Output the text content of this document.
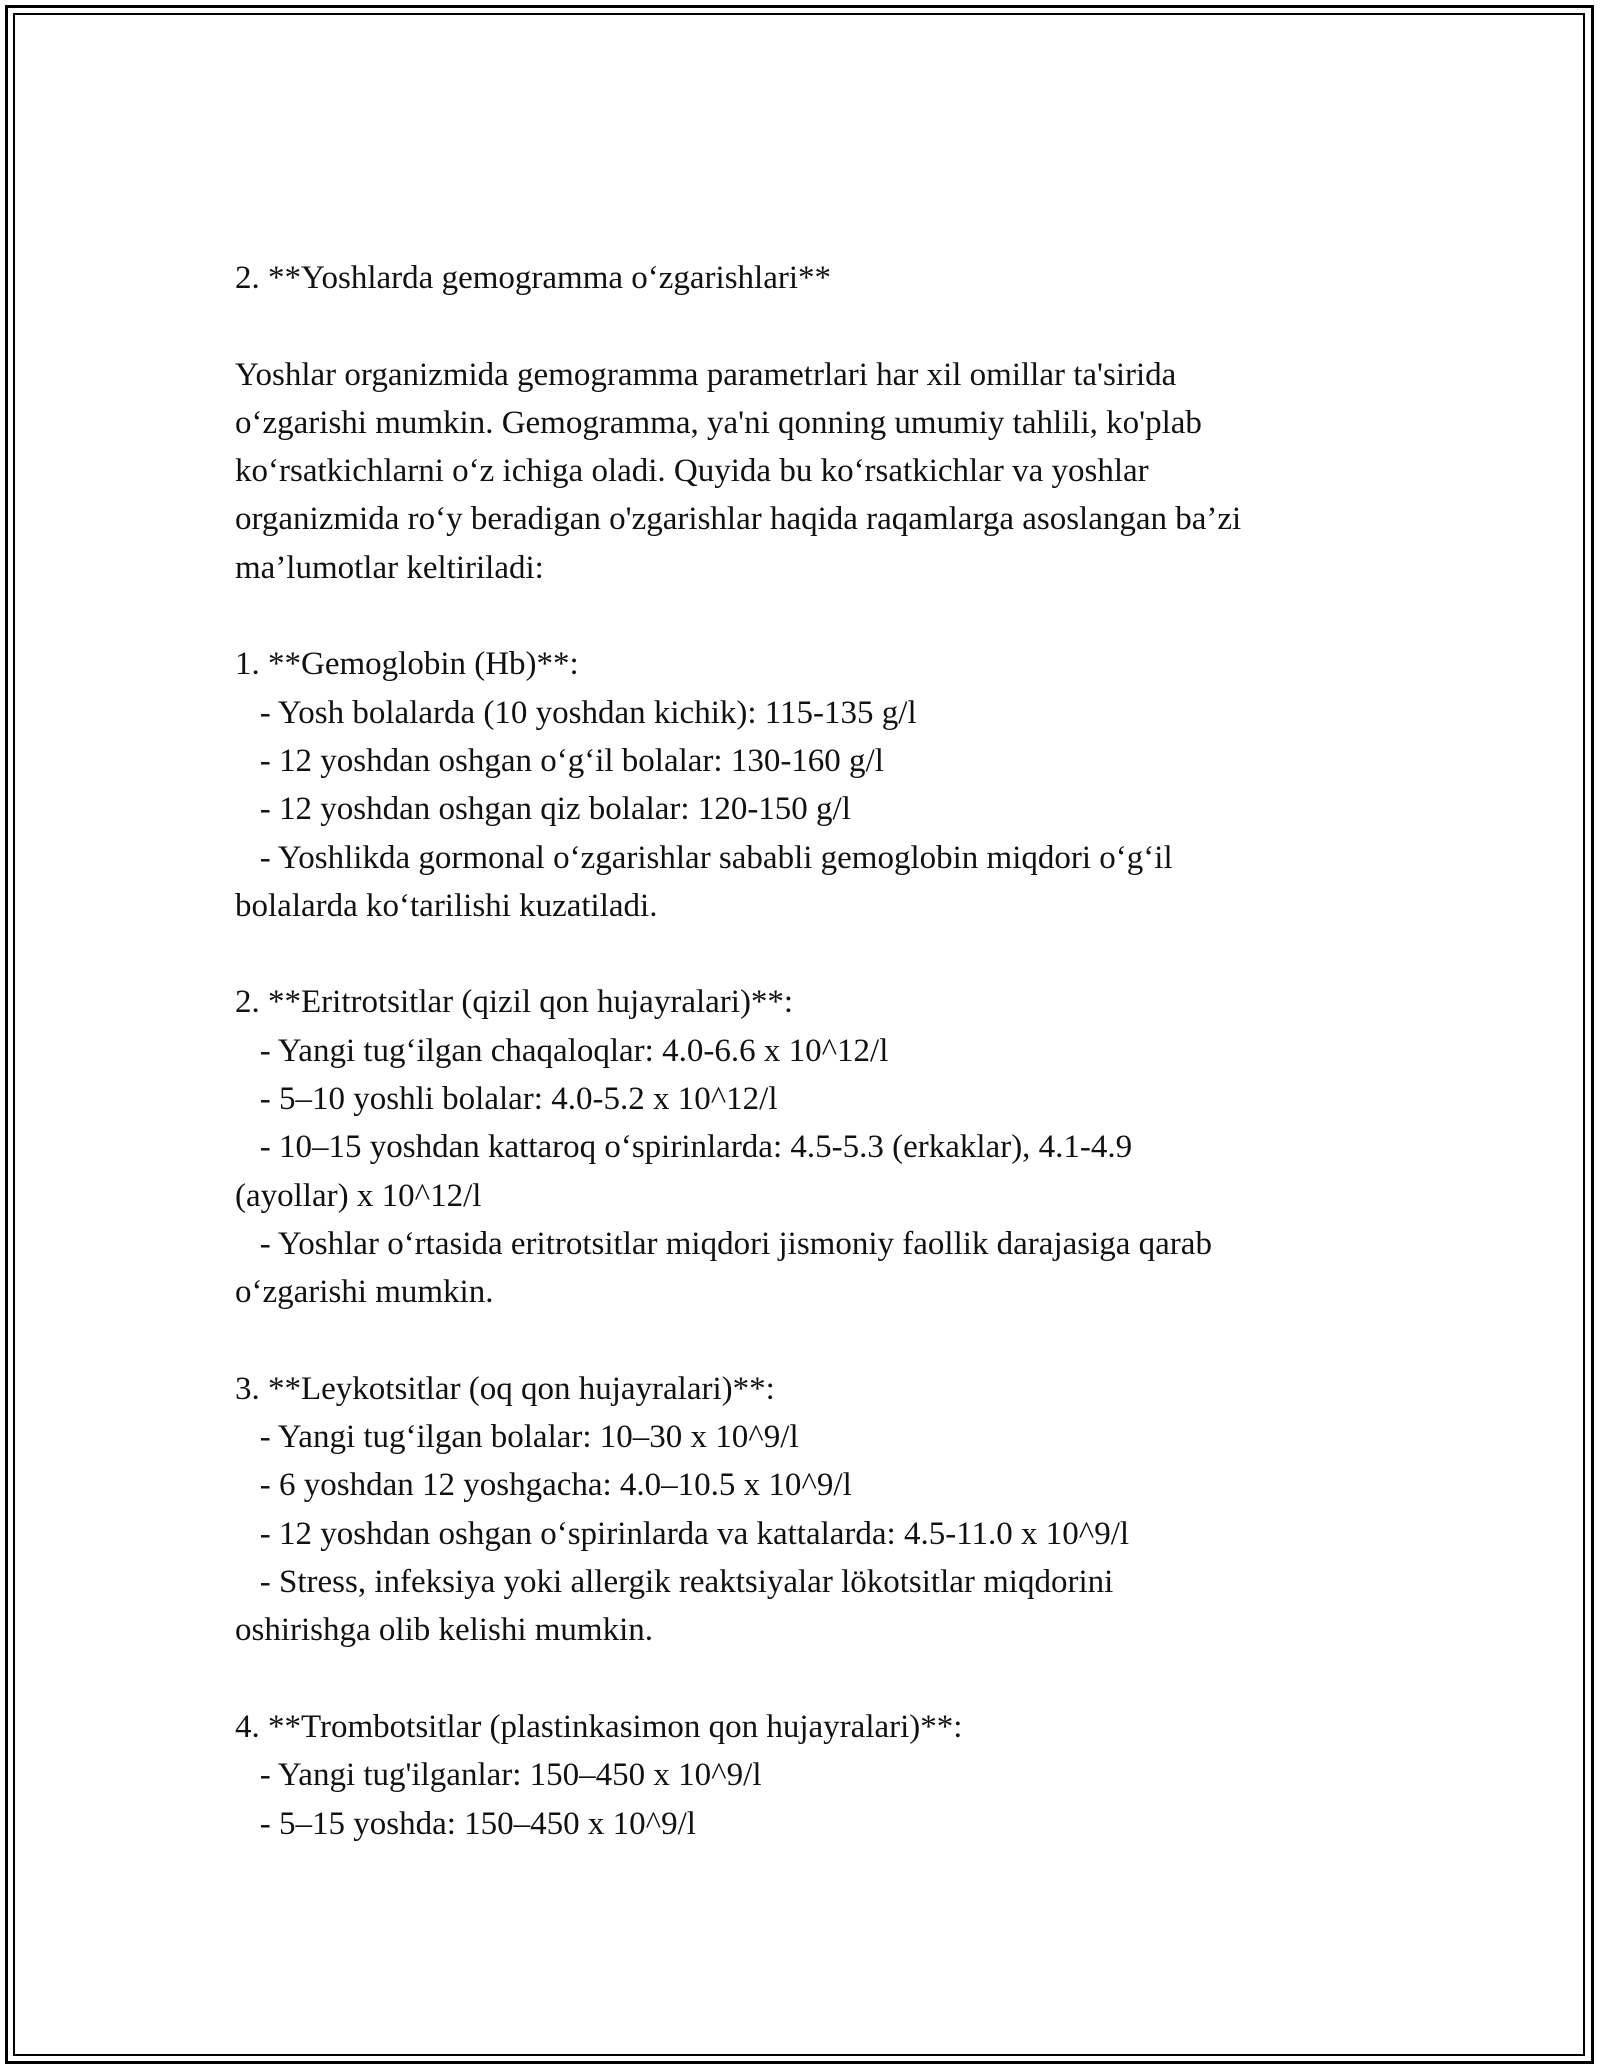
2. **Yoshlarda gemogramma o‘zgarishlari**

Yoshlar organizmida gemogramma parametrlari har xil omillar ta'sirida

o‘zgarishi mumkin. Gemogramma, ya'ni qonning umumiy tahlili, ko'plab

ko‘rsatkichlarni o‘z ichiga oladi. Quyida bu ko‘rsatkichlar va yoshlar

organizmida ro‘y beradigan o'zgarishlar haqida raqamlarga asoslangan ba’zi

ma’lumotlar keltiriladi:

1. **Gemoglobin (Hb)**:

- Yosh bolalarda (10 yoshdan kichik): 115-135 g/l

- 12 yoshdan oshgan o‘g‘il bolalar: 130-160 g/l

- 12 yoshdan oshgan qiz bolalar: 120-150 g/l

- Yoshlikda gormonal o‘zgarishlar sababli gemoglobin miqdori o‘g‘il

bolalarda ko‘tarilishi kuzatiladi.

2. **Eritrotsitlar (qizil qon hujayralari)**:

- Yangi tug‘ilgan chaqaloqlar: 4.0-6.6 x 10^12/l

- 5–10 yoshli bolalar: 4.0-5.2 x 10^12/l

- 10–15 yoshdan kattaroq o‘spirinlarda: 4.5-5.3 (erkaklar), 4.1-4.9

(ayollar) x 10^12/l

- Yoshlar o‘rtasida eritrotsitlar miqdori jismoniy faollik darajasiga qarab

o‘zgarishi mumkin.

3. **Leykotsitlar (oq qon hujayralari)**:

- Yangi tug‘ilgan bolalar: 10–30 x 10^9/l

- 6 yoshdan 12 yoshgacha: 4.0–10.5 x 10^9/l

- 12 yoshdan oshgan o‘spirinlarda va kattalarda: 4.5-11.0 x 10^9/l

- Stress, infeksiya yoki allergik reaktsiyalar lökotsitlar miqdorini

oshirishga olib kelishi mumkin.

4. **Trombotsitlar (plastinkasimon qon hujayralari)**:

- Yangi tug'ilganlar: 150–450 x 10^9/l

- 5–15 yoshda: 150–450 x 10^9/l
